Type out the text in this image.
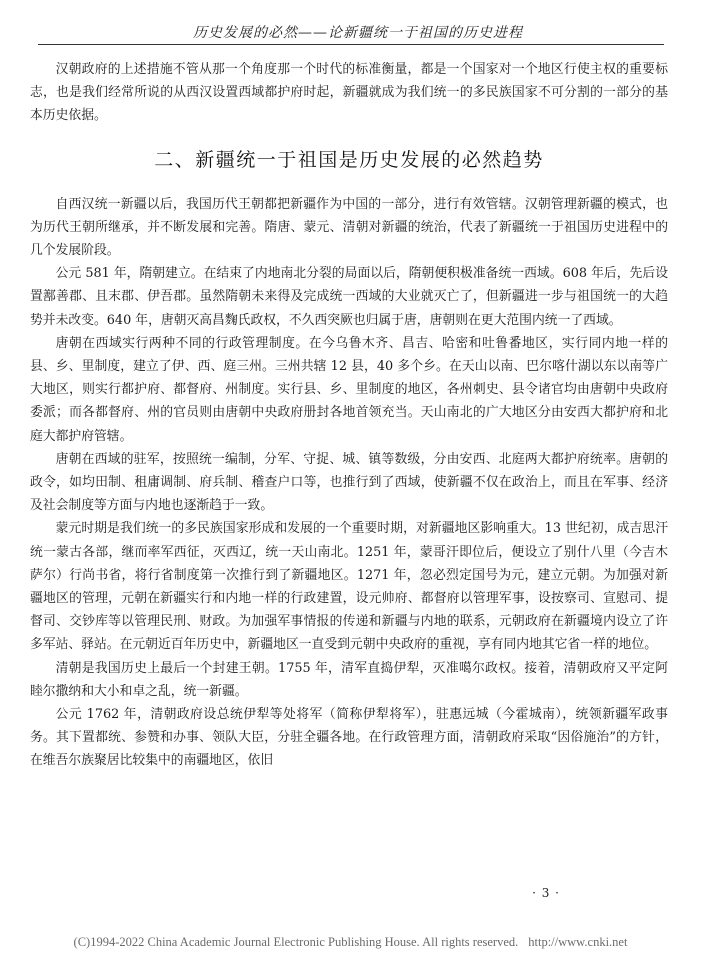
历史发展的必然——论新疆统一于祖国的历史进程

汉朝政府的上述措施不管从那一个角度那一个时代的标准衡量，都是一个国家对一个地区行使主权的重要标志，也是我们经常所说的从西汉设置西域都护府时起，新疆就成为我们统一的多民族国家不可分割的一部分的基本历史依据。

二、新疆统一于祖国是历史发展的必然趋势

自西汉统一新疆以后，我国历代王朝都把新疆作为中国的一部分，进行有效管辖。汉朝管理新疆的模式，也为历代王朝所继承，并不断发展和完善。隋唐、蒙元、清朝对新疆的统治，代表了新疆统一于祖国历史进程中的几个发展阶段。

公元 581 年，隋朝建立。在结束了内地南北分裂的局面以后，隋朝便积极准备统一西域。608 年后，先后设置鄯善郡、且末郡、伊吾郡。虽然隋朝未来得及完成统一西域的大业就灭亡了，但新疆进一步与祖国统一的大趋势并未改变。640 年，唐朝灭高昌麴氏政权，不久西突厥也归属于唐，唐朝则在更大范围内统一了西域。

唐朝在西域实行两种不同的行政管理制度。在今乌鲁木齐、昌吉、哈密和吐鲁番地区，实行同内地一样的县、乡、里制度，建立了伊、西、庭三州。三州共辖 12 县，40 多个乡。在天山以南、巴尔喀什湖以东以南等广大地区，则实行都护府、都督府、州制度。实行县、乡、里制度的地区，各州刺史、县令诸官均由唐朝中央政府委派；而各都督府、州的官员则由唐朝中央政府册封各地首领充当。天山南北的广大地区分由安西大都护府和北庭大都护府管辖。

唐朝在西域的驻军，按照统一编制，分军、守捉、城、镇等数级，分由安西、北庭两大都护府统率。唐朝的政令，如均田制、租庸调制、府兵制、稽查户口等，也推行到了西域，使新疆不仅在政治上，而且在军事、经济及社会制度等方面与内地也逐渐趋于一致。

蒙元时期是我们统一的多民族国家形成和发展的一个重要时期，对新疆地区影响重大。13 世纪初，成吉思汗统一蒙古各部，继而率军西征，灭西辽，统一天山南北。1251 年，蒙哥汗即位后，便设立了别什八里（今吉木萨尔）行尚书省，将行省制度第一次推行到了新疆地区。1271 年，忽必烈定国号为元，建立元朝。为加强对新疆地区的管理，元朝在新疆实行和内地一样的行政建置，设元帅府、都督府以管理军事，设按察司、宣慰司、提督司、交钞库等以管理民刑、财政。为加强军事情报的传递和新疆与内地的联系，元朝政府在新疆境内设立了许多军站、驿站。在元朝近百年历史中，新疆地区一直受到元朝中央政府的重视，享有同内地其它省一样的地位。

清朝是我国历史上最后一个封建王朝。1755 年，清军直捣伊犁，灭准噶尔政权。接着，清朝政府又平定阿睦尔撒纳和大小和卓之乱，统一新疆。

公元 1762 年，清朝政府设总统伊犁等处将军（简称伊犁将军），驻惠远城（今霍城南），统领新疆军政事务。其下置都统、参赞和办事、领队大臣，分驻全疆各地。在行政管理方面，清朝政府采取“因俗施治”的方针，在维吾尔族聚居比较集中的南疆地区，依旧

· 3 ·
(C)1994-2022 China Academic Journal Electronic Publishing House. All rights reserved. http://www.cnki.net
